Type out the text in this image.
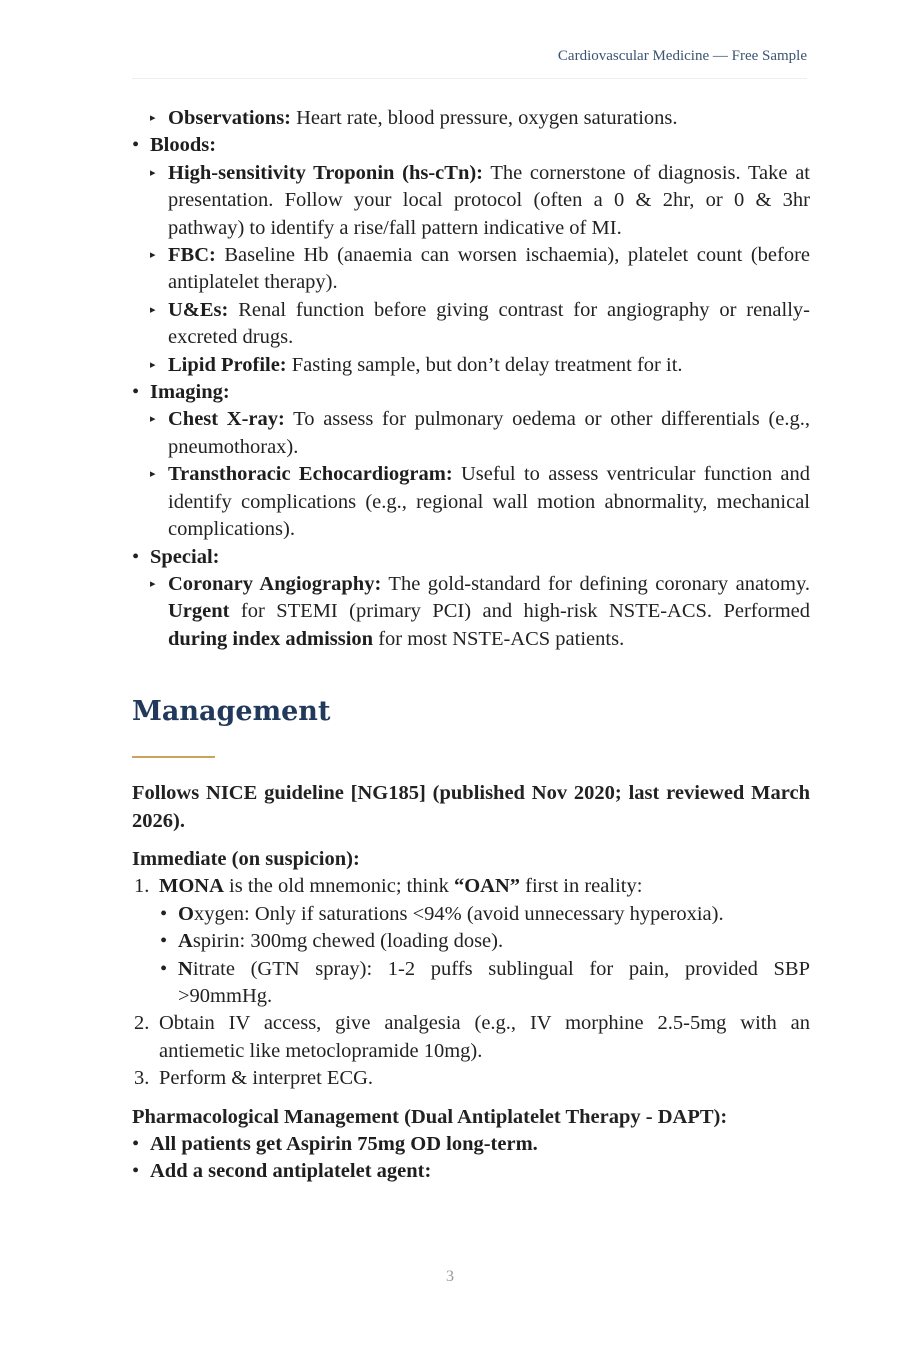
Cardiovascular Medicine — Free Sample
▸ Observations: Heart rate, blood pressure, oxygen saturations.
• Bloods:
▸ High-sensitivity Troponin (hs-cTn): The cornerstone of diagnosis. Take at presentation. Follow your local protocol (often a 0 & 2hr, or 0 & 3hr pathway) to identify a rise/fall pattern indicative of MI.
▸ FBC: Baseline Hb (anaemia can worsen ischaemia), platelet count (before antiplatelet therapy).
▸ U&Es: Renal function before giving contrast for angiography or renally-excreted drugs.
▸ Lipid Profile: Fasting sample, but don’t delay treatment for it.
• Imaging:
▸ Chest X-ray: To assess for pulmonary oedema or other differentials (e.g., pneumothorax).
▸ Transthoracic Echocardiogram: Useful to assess ventricular function and identify complications (e.g., regional wall motion abnormality, mechanical complications).
• Special:
▸ Coronary Angiography: The gold-standard for defining coronary anatomy. Urgent for STEMI (primary PCI) and high-risk NSTE-ACS. Performed during index admission for most NSTE-ACS patients.
Management
Follows NICE guideline [NG185] (published Nov 2020; last reviewed March 2026).
Immediate (on suspicion):
1. MONA is the old mnemonic; think “OAN” first in reality:
• Oxygen: Only if saturations <94% (avoid unnecessary hyperoxia).
• Aspirin: 300mg chewed (loading dose).
• Nitrate (GTN spray): 1-2 puffs sublingual for pain, provided SBP >90mmHg.
2. Obtain IV access, give analgesia (e.g., IV morphine 2.5-5mg with an antiemetic like metoclopramide 10mg).
3. Perform & interpret ECG.
Pharmacological Management (Dual Antiplatelet Therapy - DAPT):
• All patients get Aspirin 75mg OD long-term.
• Add a second antiplatelet agent:
3
